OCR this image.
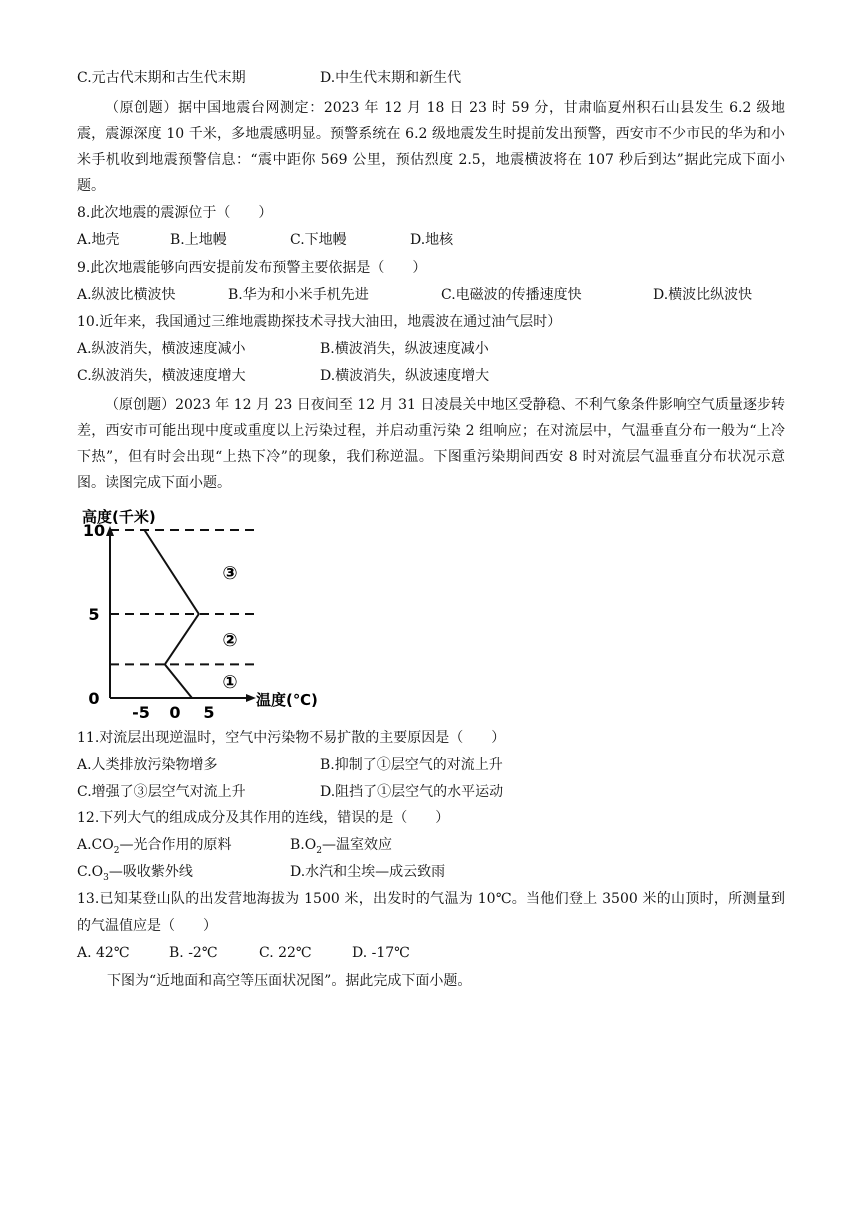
C.元古代末期和古生代末期	D.中生代末期和新生代
（原创题）据中国地震台网测定：2023 年 12 月 18 日 23 时 59 分，甘肃临夏州积石山县发生 6.2 级地震，震源深度 10 千米，多地震感明显。预警系统在 6.2 级地震发生时提前发出预警，西安市不少市民的华为和小米手机收到地震预警信息：“震中距你 569 公里，预估烈度 2.5，地震横波将在 107 秒后到达”据此完成下面小题。
8.此次地震的震源位于（　　）
A.地壳	B.上地幔	C.下地幔	D.地核
9.此次地震能够向西安提前发布预警主要依据是（　　）
A.纵波比横波快	B.华为和小米手机先进	C.电磁波的传播速度快	D.横波比纵波快
10.近年来，我国通过三维地震勘探技术寻找大油田，地震波在通过油气层时）
A.纵波消失，横波速度减小	B.横波消失，纵波速度减小
C.纵波消失，横波速度增大	D.横波消失，纵波速度增大
（原创题）2023 年 12 月 23 日夜间至 12 月 31 日凌晨关中地区受静稳、不利气象条件影响空气质量逐步转差，西安市可能出现中度或重度以上污染过程，并启动重污染 2 组响应；在对流层中，气温垂直分布一般为“上冷下热”，但有时会出现“上热下冷”的现象，我们称逆温。下图重污染期间西安 8 时对流层气温垂直分布状况示意图。读图完成下面小题。
高度(千米)
温度(℃)
0
5
10
-5 0 5
①
②
③
11.对流层出现逆温时，空气中污染物不易扩散的主要原因是（　　）
A.人类排放污染物增多	B.抑制了①层空气的对流上升
C.增强了③层空气对流上升	D.阻挡了①层空气的水平运动
12.下列大气的组成成分及其作用的连线，错误的是（　　）
$A.CO_2—$光合作用的原料	$B.O_2—$温室效应
$C.O_3—$吸收紫外线	D.水汽和尘埃—成云致雨
13.已知某登山队的出发营地海拔为 1500 米，出发时的气温为 10℃。当他们登上 3500 米的山顶时，所测量到的气温值应是（　　）
A. 42℃	B. -2℃	C. 22℃	D. -17℃
下图为“近地面和高空等压面状况图”。据此完成下面小题。
